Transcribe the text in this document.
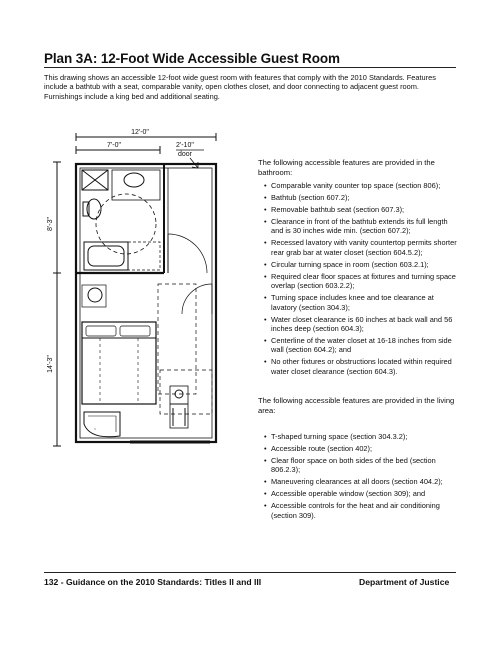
Plan 3A: 12-Foot Wide Accessible Guest Room
This drawing shows an accessible 12-foot wide guest room with features that comply with the 2010 Standards. Features include a bathtub with a seat, comparable vanity, open clothes closet, and door connecting to adjacent guest room. Furnishings include a king bed and additional seating.
12'-0"
7'-0"	2'-10"
door
8'-3"
14'-3"
The following accessible features are provided in the bathroom:
• Comparable vanity counter top space (section 806);
• Bathtub (section 607.2);
• Removable bathtub seat (section 607.3);
• Clearance in front of the bathtub extends its full length and is 30 inches wide min. (section 607.2);
• Recessed lavatory with vanity countertop permits shorter rear grab bar at water closet (section 604.5.2);
• Circular turning space in room (section 603.2.1);
• Required clear floor spaces at fixtures and turning space overlap (section 603.2.2);
• Turning space includes knee and toe clearance at lavatory (section 304.3);
• Water closet clearance is 60 inches at back wall and 56 inches deep (section 604.3);
• Centerline of the water closet at 16-18 inches from side wall (section 604.2); and
• No other fixtures or obstructions located within required water closet clearance (section 604.3).
The following accessible features are provided in the living area:
• T-shaped turning space (section 304.3.2);
• Accessible route (section 402);
• Clear floor space on both sides of the bed (section 806.2.3);
• Maneuvering clearances at all doors (section 404.2);
• Accessible operable window (section 309); and
• Accessible controls for the heat and air conditioning (section 309).
132 - Guidance on the 2010 Standards: Titles II and III	Department of Justice
